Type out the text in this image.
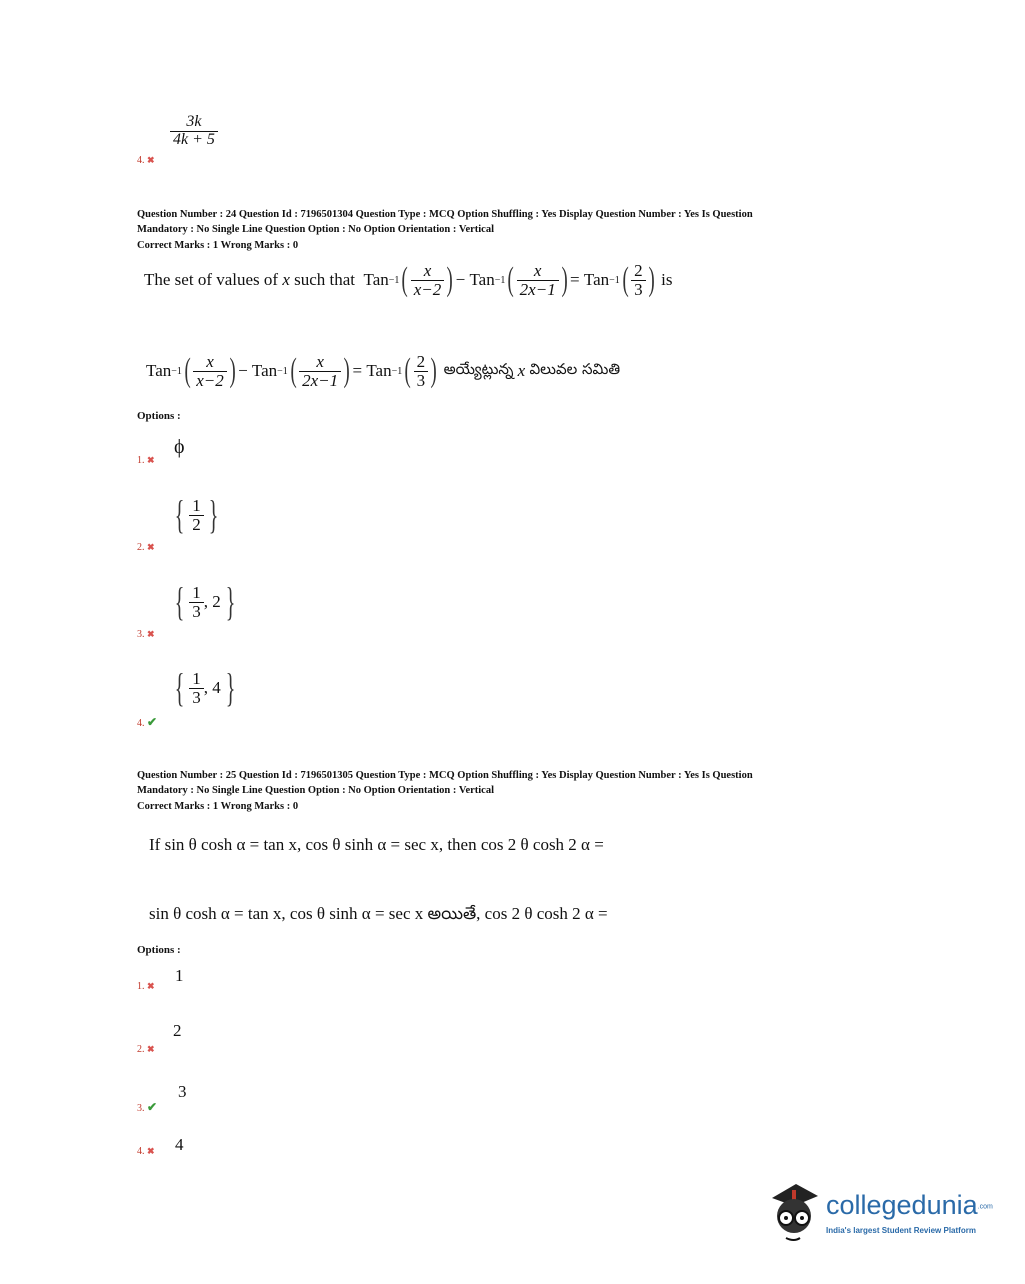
$\frac{3k}{4k + 5}$
4. ✖
Question Number : 24 Question Id : 7196501304 Question Type : MCQ Option Shuffling : Yes Display Question Number : Yes Is Question
Mandatory : No Single Line Question Option : No Option Orientation : Vertical
Correct Marks : 1 Wrong Marks : 0
The set of values of
x
such that
Tan −1 ( $\frac{x}{x-2}$ ) −
Tan −1 ( $\frac{x}{2x-1}$ ) =
Tan −1 ( $\frac{2}{3}$ )
is
Tan −1 ( $\frac{x}{x-2}$ ) −
Tan −1 ( $\frac{x}{2x-1}$ ) =
Tan −1 ( $\frac{2}{3}$ )
అయ్యేట్లున్న
x
విలువల సమితి
Options :
ϕ
1. ✖
{ $\frac{1}{2}$ }
2. ✖
{ $\frac{1}{3}$ , 2 }
3. ✖
{ $\frac{1}{3}$ , 4 }
4. ✔
Question Number : 25 Question Id : 7196501305 Question Type : MCQ Option Shuffling : Yes Display Question Number : Yes Is Question
Mandatory : No Single Line Question Option : No Option Orientation : Vertical
Correct Marks : 1 Wrong Marks : 0
If sin θ cosh α = tan x, cos θ sinh α = sec x, then cos 2 θ cosh 2 α =
sin θ cosh α = tan x, cos θ sinh α = sec x అయితే, cos 2 θ cosh 2 α =
Options :
1
1. ✖
2
2. ✖
3
3. ✔
4
4. ✖
collegedunia.com
India's largest Student Review Platform
